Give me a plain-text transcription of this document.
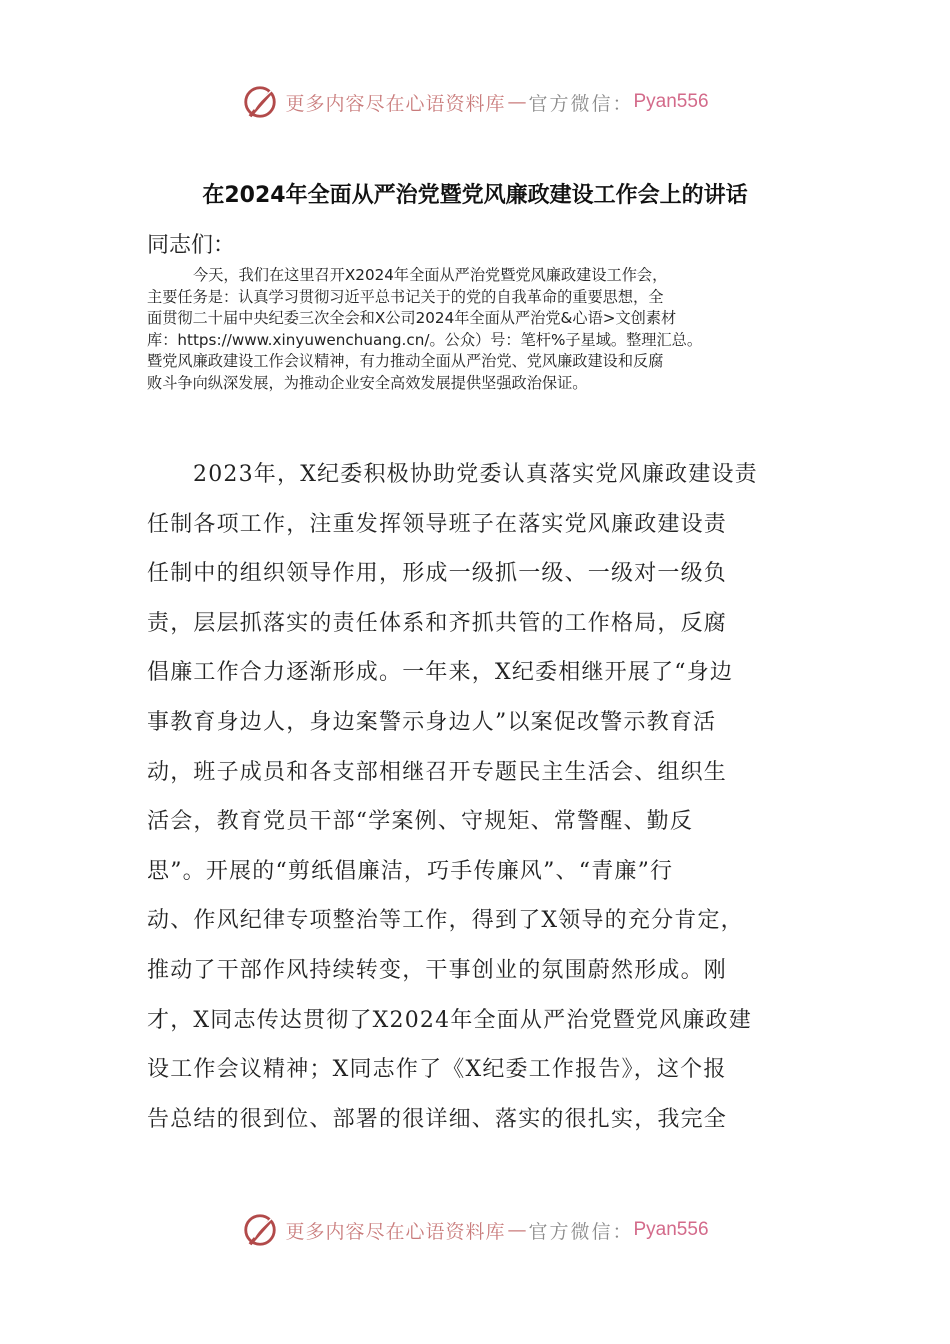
更多内容尽在心语资料库 — 官方微信： Pyan556
在2024年全面从严治党暨党风廉政建设工作会上的讲话
同志们：
今天，我们在这里召开X2024年全面从严治党暨党风廉政建设工作会，
主要任务是：认真学习贯彻习近平总书记关于的党的自我革命的重要思想，全
面贯彻二十届中央纪委三次全会和X公司2024年全面从严治党&心语>文创素材
库：https://www.xinyuwenchuang.cn/。公众）号：笔杆%子星域。整理汇总。
暨党风廉政建设工作会议精神，有力推动全面从严治党、党风廉政建设和反腐
败斗争向纵深发展，为推动企业安全高效发展提供坚强政治保证。
2023年，X纪委积极协助党委认真落实党风廉政建设责
任制各项工作，注重发挥领导班子在落实党风廉政建设责
任制中的组织领导作用，形成一级抓一级、一级对一级负
责，层层抓落实的责任体系和齐抓共管的工作格局，反腐
倡廉工作合力逐渐形成。一年来，X纪委相继开展了“身边
事教育身边人，身边案警示身边人”以案促改警示教育活
动，班子成员和各支部相继召开专题民主生活会、组织生
活会，教育党员干部“学案例、守规矩、常警醒、勤反
思”。开展的“剪纸倡廉洁，巧手传廉风”、“青廉”行
动、作风纪律专项整治等工作，得到了X领导的充分肯定，
推动了干部作风持续转变，干事创业的氛围蔚然形成。刚
才，X同志传达贯彻了X2024年全面从严治党暨党风廉政建
设工作会议精神；X同志作了《X纪委工作报告》，这个报
告总结的很到位、部署的很详细、落实的很扎实，我完全
更多内容尽在心语资料库 — 官方微信： Pyan556
